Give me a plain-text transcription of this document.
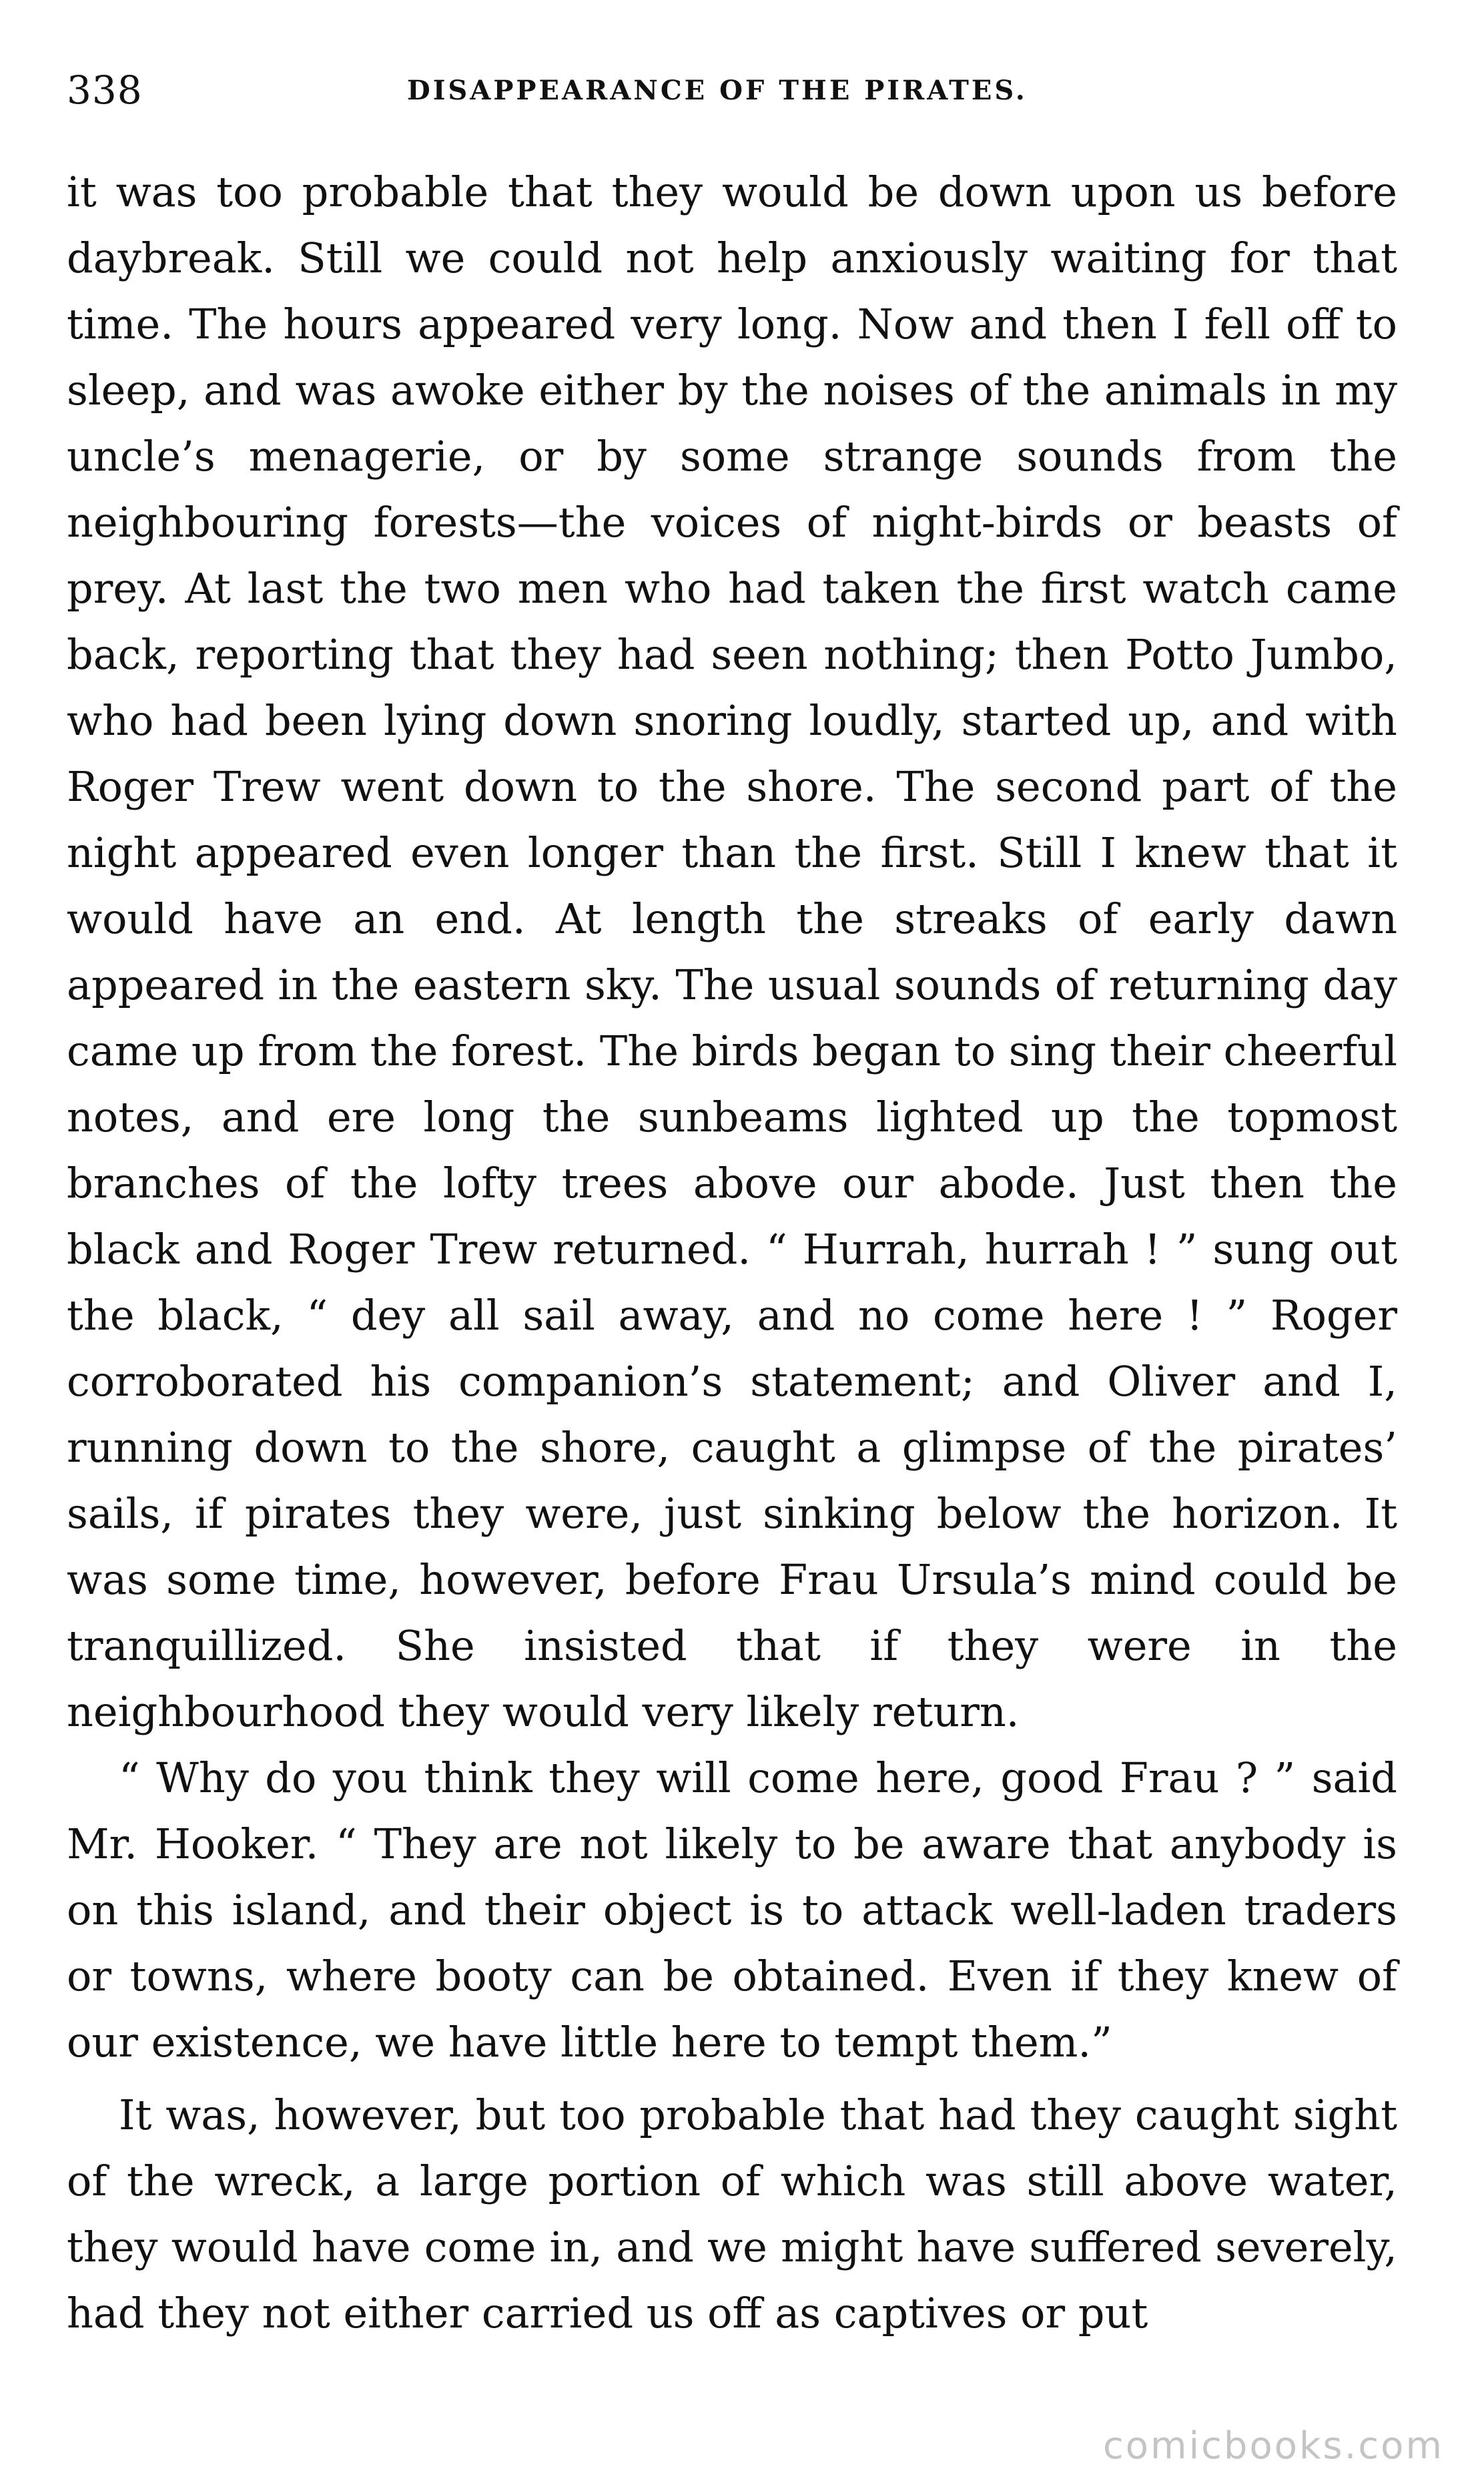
338	DISAPPEARANCE OF THE PIRATES.

it was too probable that they would be down upon us before daybreak. Still we could not help anxiously waiting for that time. The hours appeared very long. Now and then I fell off to sleep, and was awoke either by the noises of the animals in my uncle’s menagerie, or by some strange sounds from the neighbouring forests—the voices of night-birds or beasts of prey. At last the two men who had taken the first watch came back, reporting that they had seen nothing; then Potto Jumbo, who had been lying down snoring loudly, started up, and with Roger Trew went down to the shore. The second part of the night appeared even longer than the first. Still I knew that it would have an end. At length the streaks of early dawn appeared in the eastern sky. The usual sounds of returning day came up from the forest. The birds began to sing their cheerful notes, and ere long the sunbeams lighted up the topmost branches of the lofty trees above our abode. Just then the black and Roger Trew returned. “ Hurrah, hurrah ! ” sung out the black, “ dey all sail away, and no come here ! ” Roger corroborated his companion’s statement; and Oliver and I, running down to the shore, caught a glimpse of the pirates’ sails, if pirates they were, just sinking below the horizon. It was some time, however, before Frau Ursula’s mind could be tranquillized. She insisted that if they were in the neighbourhood they would very likely return.

“ Why do you think they will come here, good Frau ? ” said Mr. Hooker. “ They are not likely to be aware that anybody is on this island, and their object is to attack well-laden traders or towns, where booty can be obtained. Even if they knew of our existence, we have little here to tempt them.”

It was, however, but too probable that had they caught sight of the wreck, a large portion of which was still above water, they would have come in, and we might have suffered severely, had they not either carried us off as captives or put

comicbooks.com
